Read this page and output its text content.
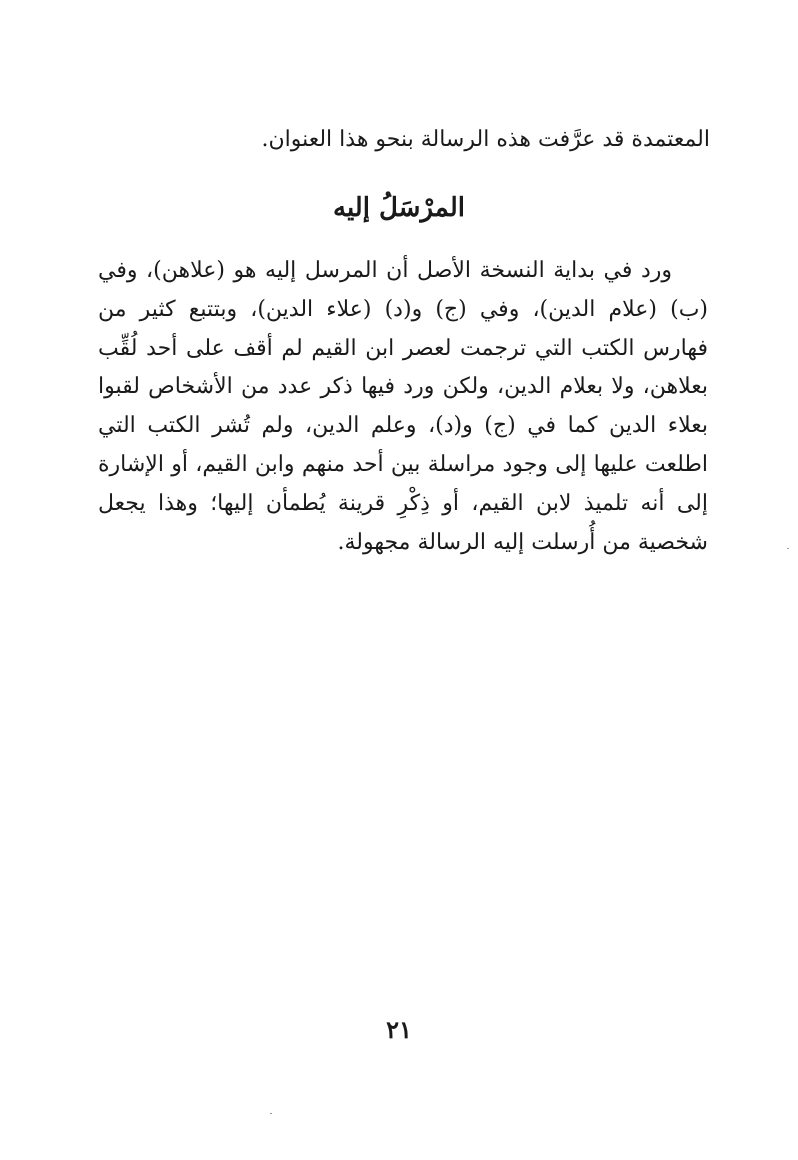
المعتمدة قد عرَّفت هذه الرسالة بنحو هذا العنوان.
المرْسَلُ إليه
ورد في بداية النسخة الأصل أن المرسل إليه هو (علاهن)، وفي (ب) (علام الدين)، وفي (ج) و(د) (علاء الدين)، وبتتبع كثير من فهارس الكتب التي ترجمت لعصر ابن القيم لم أقف على أحد لُقِّب بعلاهن، ولا بعلام الدين، ولكن ورد فيها ذكر عدد من الأشخاص لقبوا بعلاء الدين كما في (ج) و(د)، وعلم الدين، ولم تُشر الكتب التي اطلعت عليها إلى وجود مراسلة بين أحد منهم وابن القيم، أو الإشارة إلى أنه تلميذ لابن القيم، أو ذِكْرِ قرينة يُطمأن إليها؛ وهذا يجعل شخصية من أُرسلت إليه الرسالة مجهولة.
٢١
